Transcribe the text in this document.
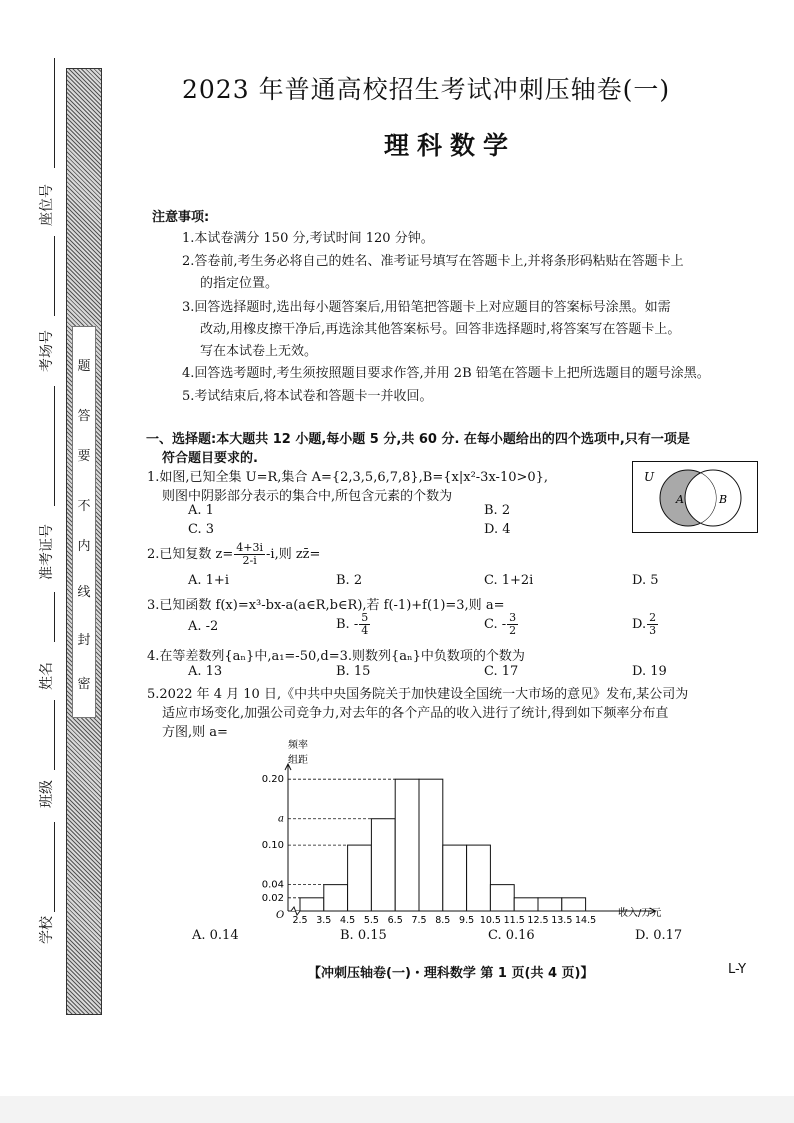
座位号
考场号
准考证号
姓名
班级
学校
题
答
要
不
内
线
封
密
2023 年普通高校招生考试冲刺压轴卷(一)
理科数学
注意事项:
1.本试卷满分 150 分,考试时间 120 分钟。
2.答卷前,考生务必将自己的姓名、准考证号填写在答题卡上,并将条形码粘贴在答题卡上
的指定位置。
3.回答选择题时,选出每小题答案后,用铅笔把答题卡上对应题目的答案标号涂黑。如需
改动,用橡皮擦干净后,再选涂其他答案标号。回答非选择题时,将答案写在答题卡上。
写在本试卷上无效。
4.回答选考题时,考生须按照题目要求作答,并用 2B 铅笔在答题卡上把所选题目的题号涂黑。
5.考试结束后,将本试卷和答题卡一并收回。
一、选择题:本大题共 12 小题,每小题 5 分,共 60 分. 在每小题给出的四个选项中,只有一项是
符合题目要求的.
1.如图,已知全集 U=R,集合 A={2,3,5,6,7,8},B={x|x²-3x-10>0},
则图中阴影部分表示的集合中,所包含元素的个数为
A. 1	B. 2
C. 3	D. 4
U
A	B
2.已知复数 $z= \frac{4+3i}{2-i} -i$,则 zz̄=
A. 1+i	B. 2	C. 1+2i	D. 5
3.已知函数 f(x)=x³-bx-a(a∈R,b∈R),若 f(-1)+f(1)=3,则 a=
A. -2	B. - $\frac{5}{4}$	C. - $\frac{3}{2}$	D. $\frac{2}{3}$
4.在等差数列{aₙ}中,a₁=-50,d=3.则数列{aₙ}中负数项的个数为
A. 13	B. 15	C. 17	D. 19
5.2022 年 4 月 10 日,《中共中央国务院关于加快建设全国统一大市场的意见》发布,某公司为
适应市场变化,加强公司竞争力,对去年的各个产品的收入进行了统计,得到如下频率分布直
方图,则 a=
0.20
a
0.10
0.04
0.02
2.5 3.5 4.5 5.5 6.5 7.5 8.5 9.5 10.5 11.5 12.5 13.5 14.5
频率
组距
收入/万元
O
A. 0.14	B. 0.15	C. 0.16	D. 0.17
【冲刺压轴卷(一)・理科数学 第 1 页(共 4 页)】	L-Y
